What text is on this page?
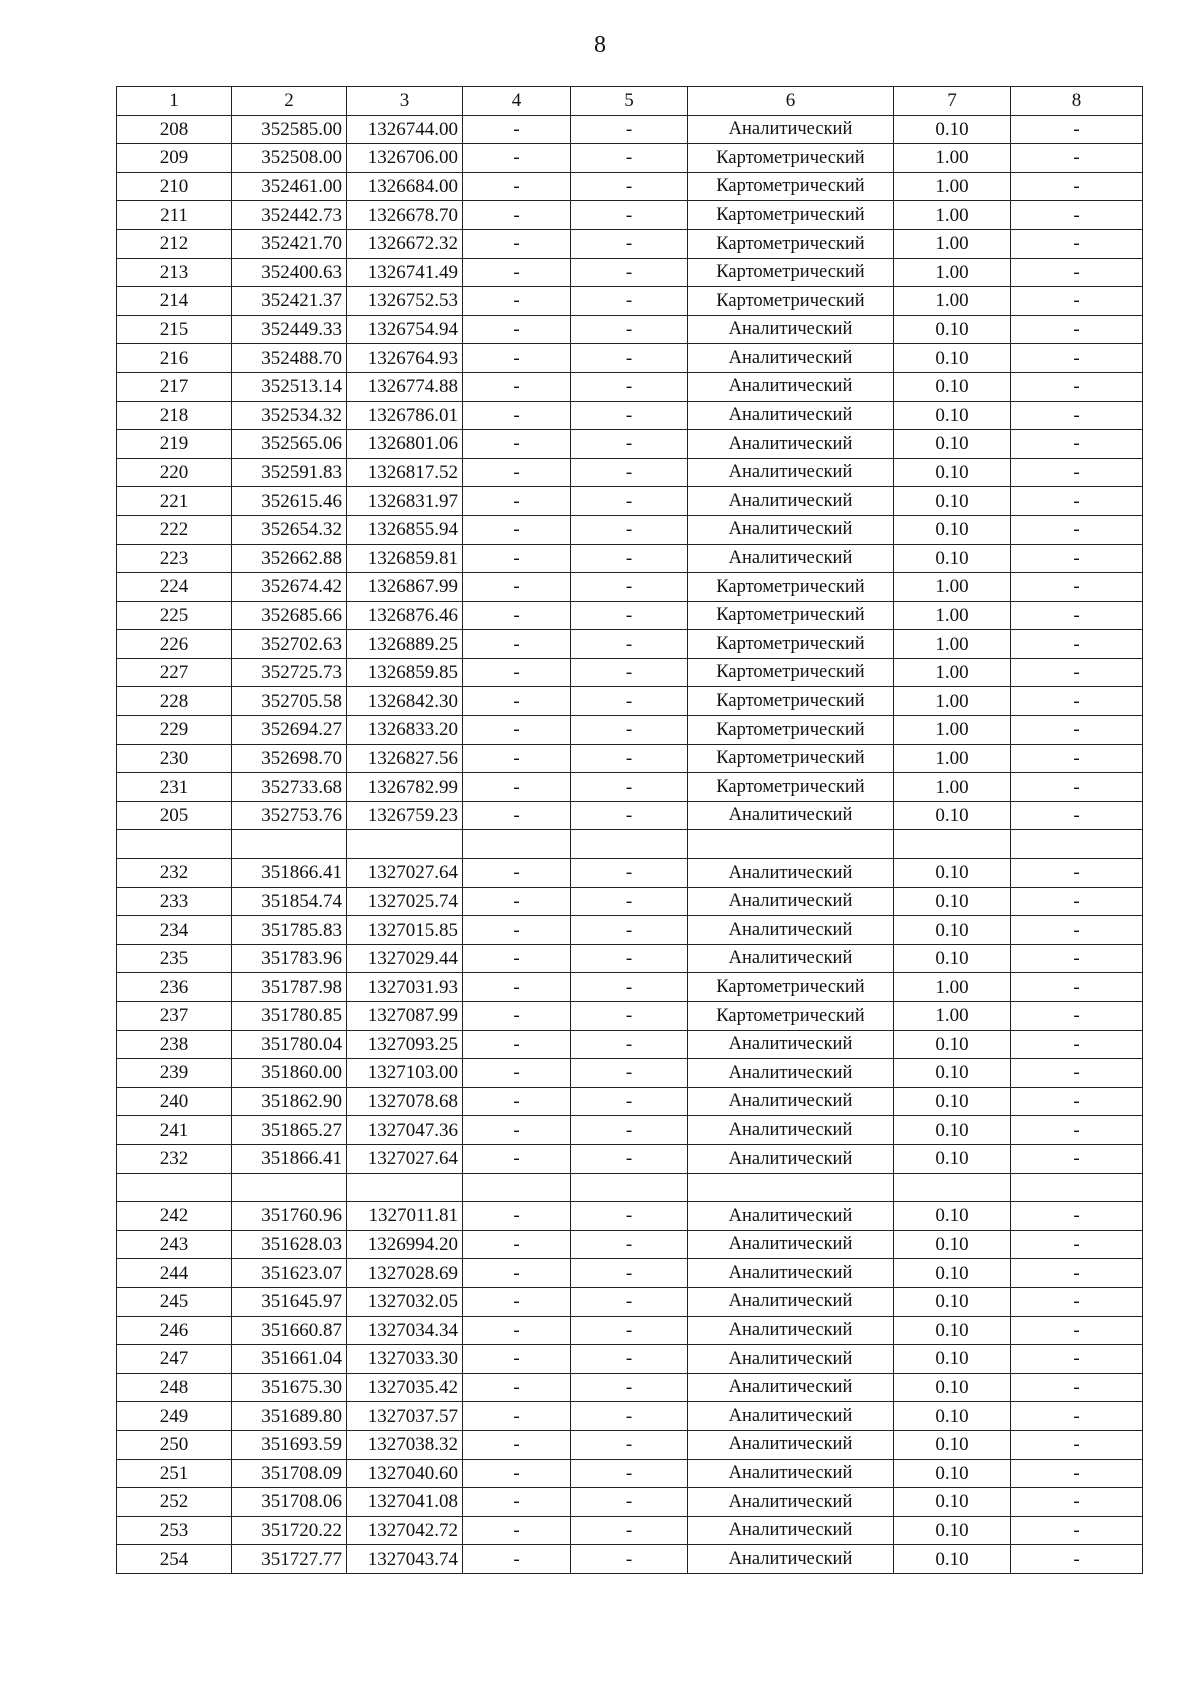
8
1	2	3	4	5	6	7	8
208	352585.00	1326744.00	-	-	Аналитический	0.10	-
209	352508.00	1326706.00	-	-	Картометрический	1.00	-
210	352461.00	1326684.00	-	-	Картометрический	1.00	-
211	352442.73	1326678.70	-	-	Картометрический	1.00	-
212	352421.70	1326672.32	-	-	Картометрический	1.00	-
213	352400.63	1326741.49	-	-	Картометрический	1.00	-
214	352421.37	1326752.53	-	-	Картометрический	1.00	-
215	352449.33	1326754.94	-	-	Аналитический	0.10	-
216	352488.70	1326764.93	-	-	Аналитический	0.10	-
217	352513.14	1326774.88	-	-	Аналитический	0.10	-
218	352534.32	1326786.01	-	-	Аналитический	0.10	-
219	352565.06	1326801.06	-	-	Аналитический	0.10	-
220	352591.83	1326817.52	-	-	Аналитический	0.10	-
221	352615.46	1326831.97	-	-	Аналитический	0.10	-
222	352654.32	1326855.94	-	-	Аналитический	0.10	-
223	352662.88	1326859.81	-	-	Аналитический	0.10	-
224	352674.42	1326867.99	-	-	Картометрический	1.00	-
225	352685.66	1326876.46	-	-	Картометрический	1.00	-
226	352702.63	1326889.25	-	-	Картометрический	1.00	-
227	352725.73	1326859.85	-	-	Картометрический	1.00	-
228	352705.58	1326842.30	-	-	Картометрический	1.00	-
229	352694.27	1326833.20	-	-	Картометрический	1.00	-
230	352698.70	1326827.56	-	-	Картометрический	1.00	-
231	352733.68	1326782.99	-	-	Картометрический	1.00	-
205	352753.76	1326759.23	-	-	Аналитический	0.10	-

232	351866.41	1327027.64	-	-	Аналитический	0.10	-
233	351854.74	1327025.74	-	-	Аналитический	0.10	-
234	351785.83	1327015.85	-	-	Аналитический	0.10	-
235	351783.96	1327029.44	-	-	Аналитический	0.10	-
236	351787.98	1327031.93	-	-	Картометрический	1.00	-
237	351780.85	1327087.99	-	-	Картометрический	1.00	-
238	351780.04	1327093.25	-	-	Аналитический	0.10	-
239	351860.00	1327103.00	-	-	Аналитический	0.10	-
240	351862.90	1327078.68	-	-	Аналитический	0.10	-
241	351865.27	1327047.36	-	-	Аналитический	0.10	-
232	351866.41	1327027.64	-	-	Аналитический	0.10	-

242	351760.96	1327011.81	-	-	Аналитический	0.10	-
243	351628.03	1326994.20	-	-	Аналитический	0.10	-
244	351623.07	1327028.69	-	-	Аналитический	0.10	-
245	351645.97	1327032.05	-	-	Аналитический	0.10	-
246	351660.87	1327034.34	-	-	Аналитический	0.10	-
247	351661.04	1327033.30	-	-	Аналитический	0.10	-
248	351675.30	1327035.42	-	-	Аналитический	0.10	-
249	351689.80	1327037.57	-	-	Аналитический	0.10	-
250	351693.59	1327038.32	-	-	Аналитический	0.10	-
251	351708.09	1327040.60	-	-	Аналитический	0.10	-
252	351708.06	1327041.08	-	-	Аналитический	0.10	-
253	351720.22	1327042.72	-	-	Аналитический	0.10	-
254	351727.77	1327043.74	-	-	Аналитический	0.10	-
